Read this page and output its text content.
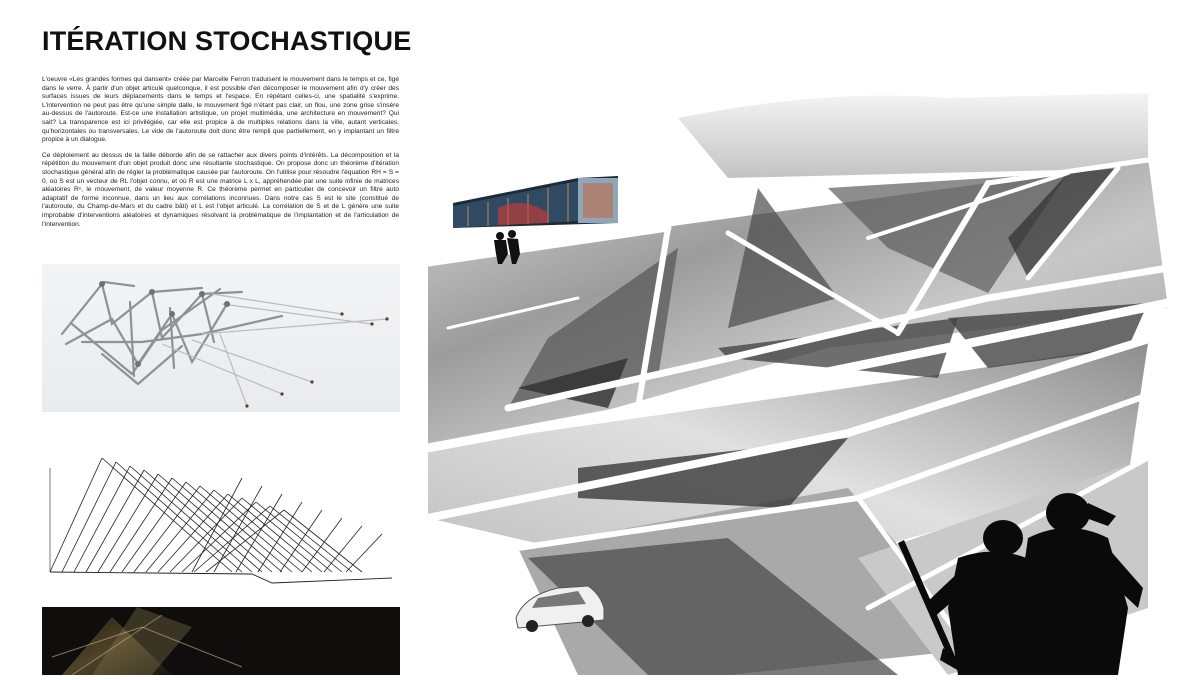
ITÉRATION STOCHASTIQUE

L'oeuvre «Les grandes formes qui dansent» créée par Marcelle Ferron traduisent le mouvement dans le temps et ce, figé dans le verre. À partir d'un objet articulé quelconque, il est possible d'en décomposer le mouvement afin d'y créer des surfaces issues de leurs déplacements dans le temps et l'espace. En répétant celles-ci, une spatialité s'exprime. L'intervention ne peut pas être qu'une simple dalle, le mouvement figé n'étant pas clair, un flou, une zone grise s'insère au-dessus de l'autoroute. Est-ce une installation artistique, un projet multimédia, une architecture en mouvement? Qui sait? La transparence est ici privilégiée, car elle est propice à de multiples relations dans la ville, autant verticales, qu'horizontales ou transversales. Le vide de l'autoroute doit donc être rempli que partiellement, en y implantant un filtre propice à un dialogue.

Ce déploiement au dessus de la faille déborde afin de se rattacher aux divers points d'intérêts. La décomposition et la répétition du mouvement d'un objet produit donc une résultante stochastique. On propose donc un théorème d'itération stochastique général afin de régler la problématique causée par l'autoroute. On l'utilise pour résoudre l'équation RH = S = 0, où S est un vecteur de RL l'objet connu, et où R est une matrice L x L, appréhendée par une suite infinie de matrices aléatoires Rⁿ, le mouvement, de valeur moyenne R. Ce théorème permet en particulier de concevoir un filtre auto adaptatif de forme inconnue, dans un lieu aux corrélations inconnues. Dans notre cas S est le site (constitué de l'autoroute, du Champ-de-Mars et du cadre bâti) et L est l'objet articulé. La corrélation de S et de L génère une suite improbable d'interventions aléatoires et dynamiques résolvant la problématique de l'implantation et de l'articulation de l'intervention.
